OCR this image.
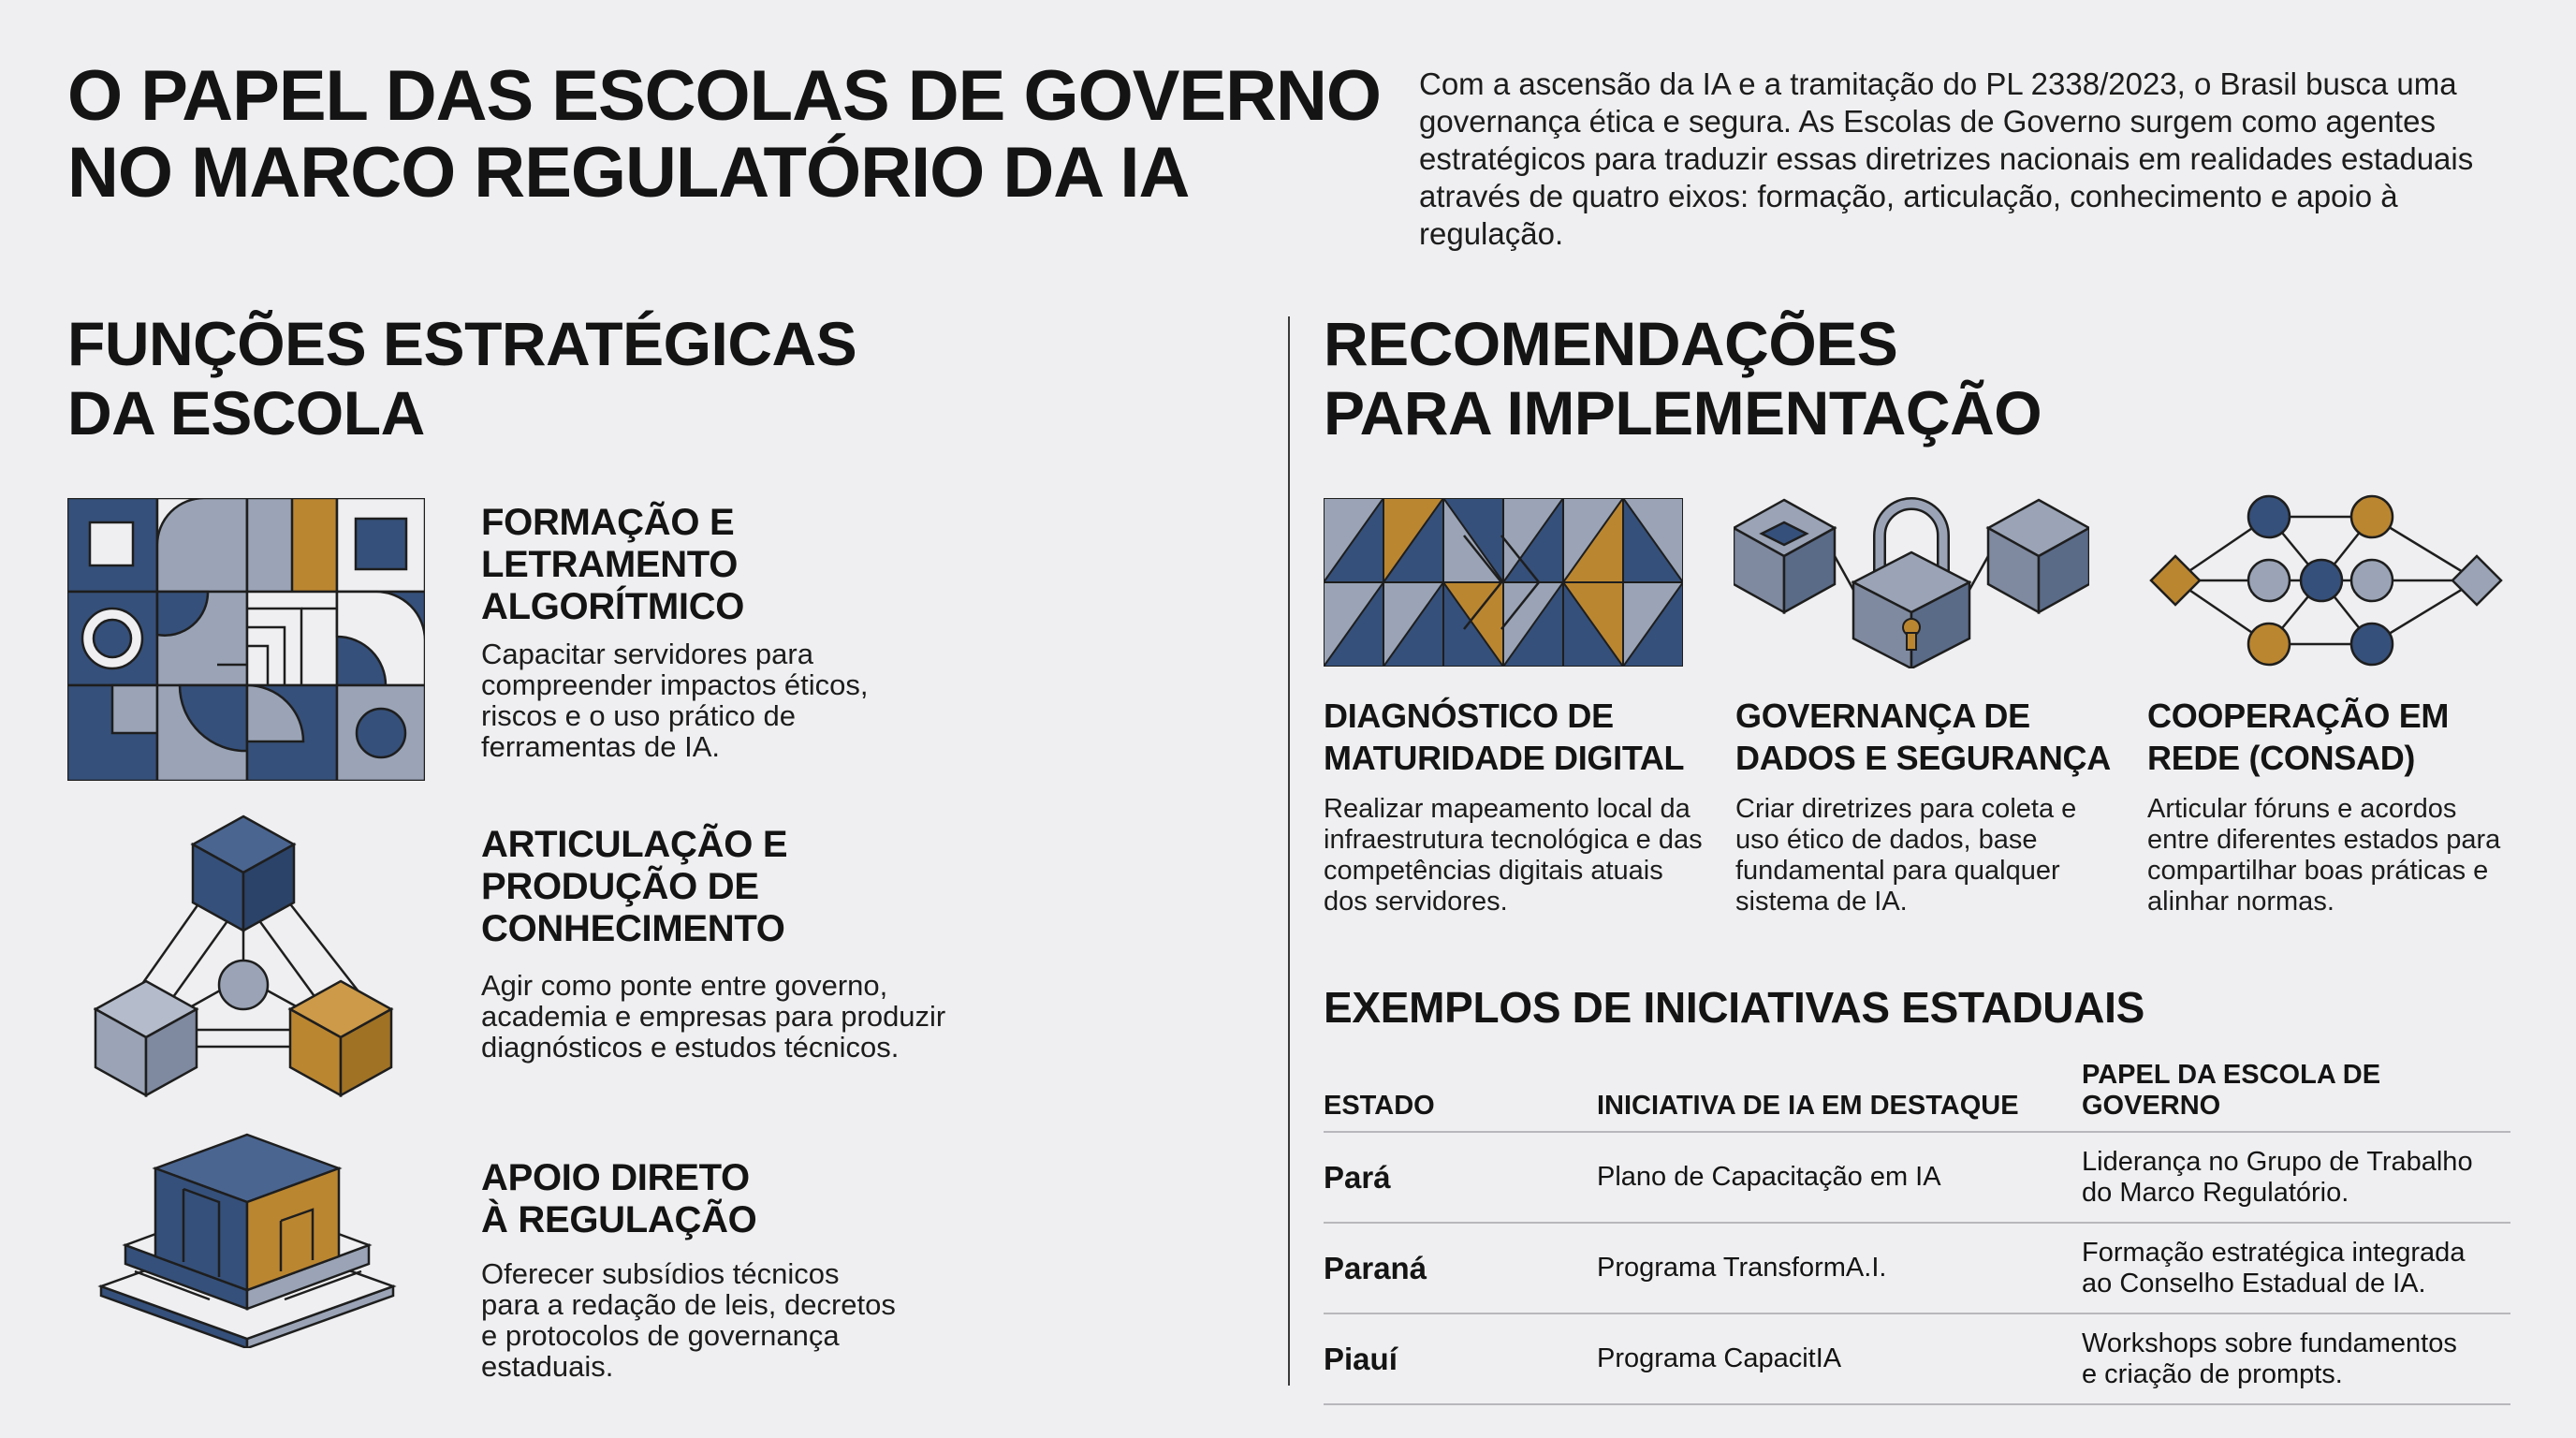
O PAPEL DAS ESCOLAS DE GOVERNO
NO MARCO REGULATÓRIO DA IA

Com a ascensão da IA e a tramitação do PL 2338/2023, o Brasil busca uma governança ética e segura. As Escolas de Governo surgem como agentes estratégicos para traduzir essas diretrizes nacionais em realidades estaduais através de quatro eixos: formação, articulação, conhecimento e apoio à regulação.

FUNÇÕES ESTRATÉGICAS
DA ESCOLA
RECOMENDAÇÕES
PARA IMPLEMENTAÇÃO
FORMAÇÃO E
LETRAMENTO
ALGORÍTMICO

Capacitar servidores para
compreender impactos éticos,
riscos e o uso prático de
ferramentas de IA.

ARTICULAÇÃO E
PRODUÇÃO DE
CONHECIMENTO

Agir como ponte entre governo,
academia e empresas para produzir
diagnósticos e estudos técnicos.

APOIO DIRETO
À REGULAÇÃO

Oferecer subsídios técnicos
para a redação de leis, decretos
e protocolos de governança
estaduais.

DIAGNÓSTICO DE
MATURIDADE DIGITAL

Realizar mapeamento local da
infraestrutura tecnológica e das
competências digitais atuais
dos servidores.

GOVERNANÇA DE
DADOS E SEGURANÇA

Criar diretrizes para coleta e
uso ético de dados, base
fundamental para qualquer
sistema de IA.

COOPERAÇÃO EM
REDE (CONSAD)

Articular fóruns e acordos
entre diferentes estados para
compartilhar boas práticas e
alinhar normas.

EXEMPLOS DE INICIATIVAS ESTADUAIS
ESTADO	INICIATIVA DE IA EM DESTAQUE	PAPEL DA ESCOLA DE GOVERNO
Pará	Plano de Capacitação em IA	Liderança no Grupo de Trabalho
do Marco Regulatório.
Paraná	Programa TransformA.I.	Formação estratégica integrada
ao Conselho Estadual de IA.
Piauí	Programa CapacitIA	Workshops sobre fundamentos
e criação de prompts.
